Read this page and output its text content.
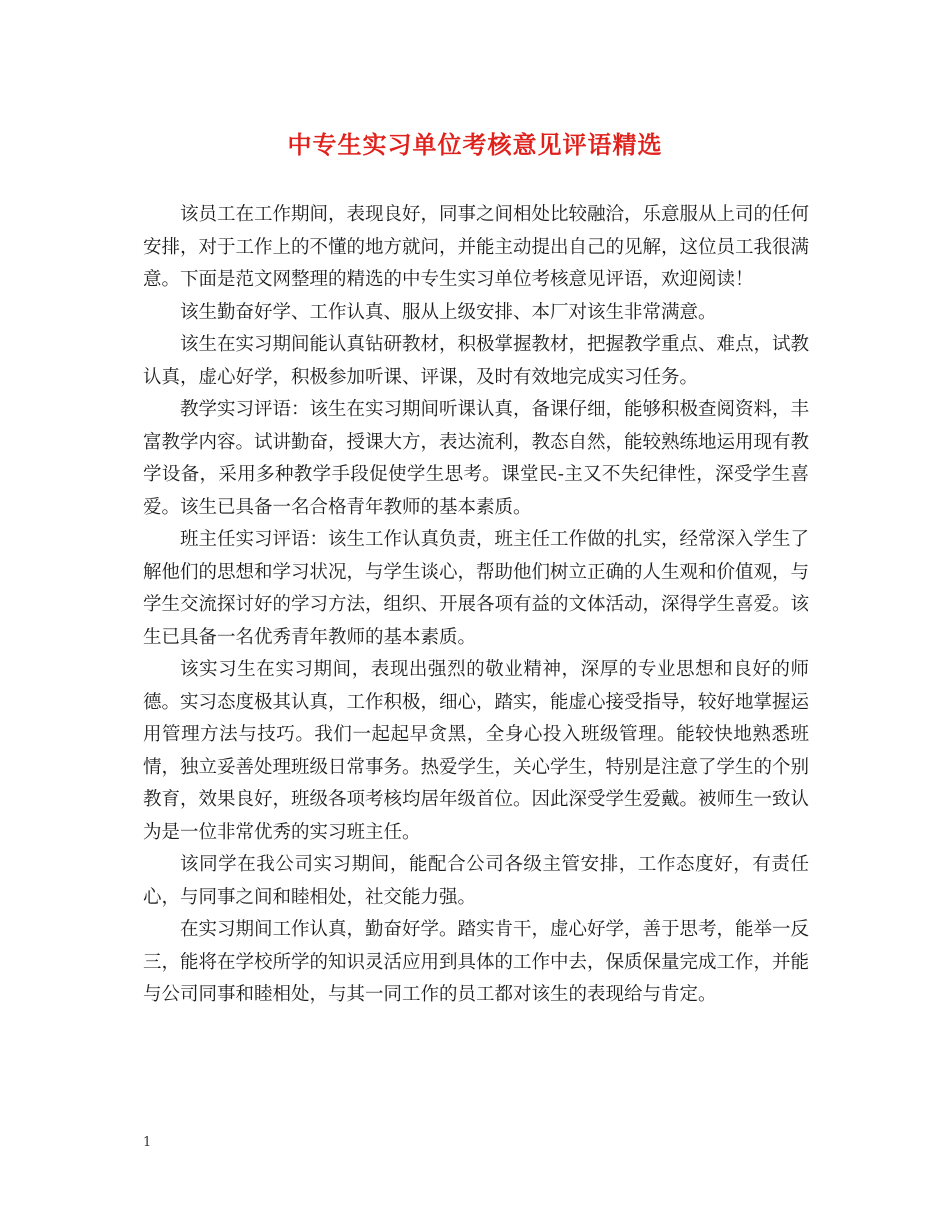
中专生实习单位考核意见评语精选

该员工在工作期间，表现良好，同事之间相处比较融洽，乐意服从上司的任何安排，对于工作上的不懂的地方就问，并能主动提出自己的见解，这位员工我很满意。下面是范文网整理的精选的中专生实习单位考核意见评语，欢迎阅读！

该生勤奋好学、工作认真、服从上级安排、本厂对该生非常满意。

该生在实习期间能认真钻研教材，积极掌握教材，把握教学重点、难点，试教认真，虚心好学，积极参加听课、评课，及时有效地完成实习任务。

教学实习评语：该生在实习期间听课认真，备课仔细，能够积极查阅资料，丰富教学内容。试讲勤奋，授课大方，表达流利，教态自然，能较熟练地运用现有教学设备，采用多种教学手段促使学生思考。课堂民-主又不失纪律性，深受学生喜爱。该生已具备一名合格青年教师的基本素质。

班主任实习评语：该生工作认真负责，班主任工作做的扎实，经常深入学生了解他们的思想和学习状况，与学生谈心，帮助他们树立正确的人生观和价值观，与学生交流探讨好的学习方法，组织、开展各项有益的文体活动，深得学生喜爱。该生已具备一名优秀青年教师的基本素质。

该实习生在实习期间，表现出强烈的敬业精神，深厚的专业思想和良好的师德。实习态度极其认真，工作积极，细心，踏实，能虚心接受指导，较好地掌握运用管理方法与技巧。我们一起起早贪黑，全身心投入班级管理。能较快地熟悉班情，独立妥善处理班级日常事务。热爱学生，关心学生，特别是注意了学生的个别教育，效果良好，班级各项考核均居年级首位。因此深受学生爱戴。被师生一致认为是一位非常优秀的实习班主任。

该同学在我公司实习期间，能配合公司各级主管安排，工作态度好，有责任心，与同事之间和睦相处，社交能力强。

在实习期间工作认真，勤奋好学。踏实肯干，虚心好学，善于思考，能举一反三，能将在学校所学的知识灵活应用到具体的工作中去，保质保量完成工作，并能与公司同事和睦相处，与其一同工作的员工都对该生的表现给与肯定。

1
